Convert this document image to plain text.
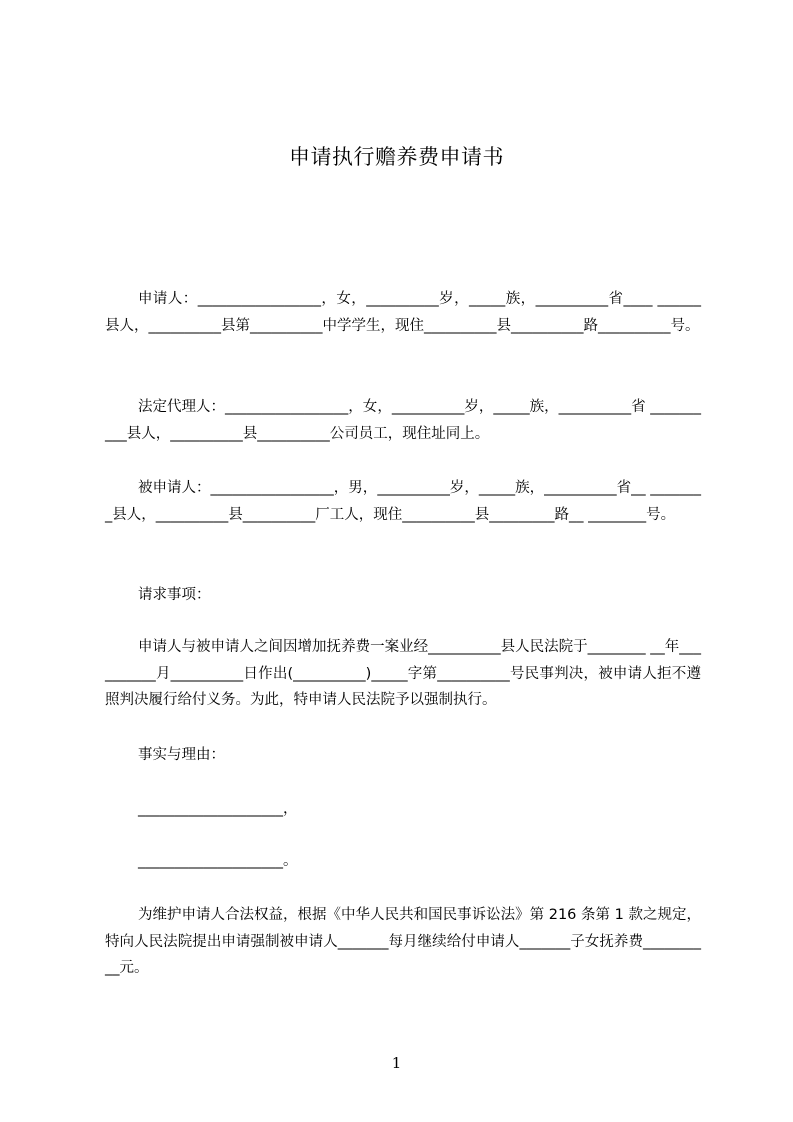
申请执行赡养费申请书

申请人：_________________，女，__________岁，_____族，__________省____ ______县人，__________县第__________中学学生，现住__________县__________路__________号。

法定代理人：_________________，女，__________岁，_____族，__________省 __________县人，__________县__________公司员工，现住址同上。

被申请人：_________________，男，__________岁，_____族，__________省__ ________县人，__________县__________厂工人，现住__________县_________路__ ________号。

请求事项：

申请人与被申请人之间因增加抚养费一案业经__________县人民法院于________ __年__________月__________日作出(__________)_____字第__________号民事判决，被申请人拒不遵照判决履行给付义务。为此，特申请人民法院予以强制执行。

事实与理由：

____________________，

____________________。

为维护申请人合法权益，根据《中华人民共和国民事诉讼法》第 216 条第 1 款之规定，特向人民法院提出申请强制被申请人_______每月继续给付申请人_______子女抚养费__________元。

1
